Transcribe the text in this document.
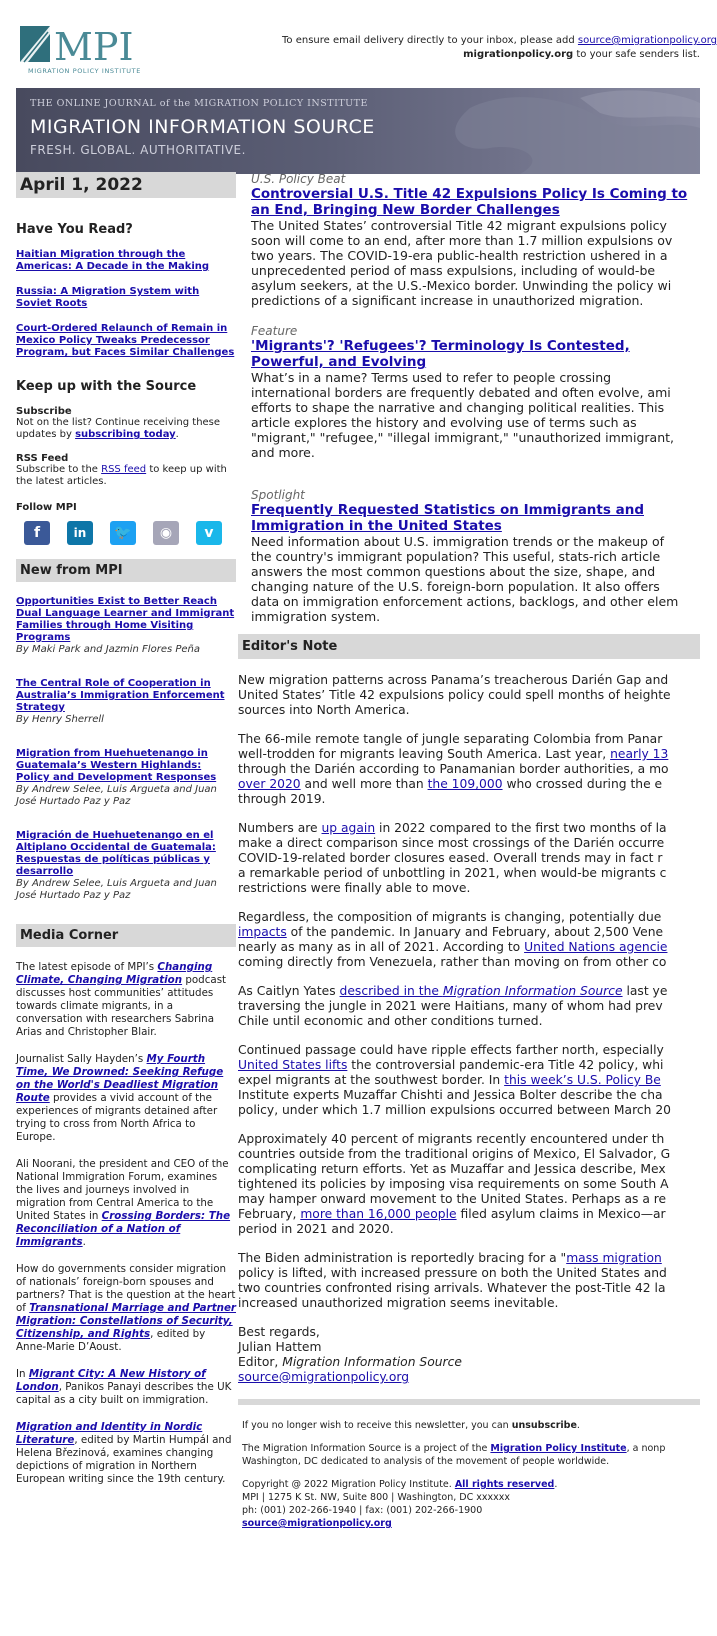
MPI
MIGRATION POLICY INSTITUTE
To ensure email delivery directly to your inbox, please add source@migrationpolicy.org
migrationpolicy.org to your safe senders list.
THE ONLINE JOURNAL of the MIGRATION POLICY INSTITUTE
MIGRATION INFORMATION SOURCE
FRESH. GLOBAL. AUTHORITATIVE.
April 1, 2022
Have You Read?
Haitian Migration through the Americas: A Decade in the Making
Russia: A Migration System with Soviet Roots
Court-Ordered Relaunch of Remain in Mexico Policy Tweaks Predecessor Program, but Faces Similar Challenges
Keep up with the Source

Subscribe

Not on the list? Continue receiving these updates by subscribing today.

RSS Feed

Subscribe to the RSS feed to keep up with the latest articles.

Follow MPI

f	in	🐦	◉	v
New from MPI
Opportunities Exist to Better Reach Dual Language Learner and Immigrant Families through Home Visiting Programs
By Maki Park and Jazmin Flores Peña
The Central Role of Cooperation in Australia’s Immigration Enforcement Strategy
By Henry Sherrell
Migration from Huehuetenango in Guatemala’s Western Highlands: Policy and Development Responses
By Andrew Selee, Luis Argueta and Juan José Hurtado Paz y Paz
Migración de Huehuetenango en el Altiplano Occidental de Guatemala: Respuestas de políticas públicas y desarrollo
By Andrew Selee, Luis Argueta and Juan José Hurtado Paz y Paz
Media Corner

The latest episode of MPI’s Changing Climate, Changing Migration podcast discusses host communities’ attitudes towards climate migrants, in a conversation with researchers Sabrina Arias and Christopher Blair.

Journalist Sally Hayden’s My Fourth Time, We Drowned: Seeking Refuge on the World's Deadliest Migration Route provides a vivid account of the experiences of migrants detained after trying to cross from North Africa to Europe.

Ali Noorani, the president and CEO of the National Immigration Forum, examines the lives and journeys involved in migration from Central America to the United States in Crossing Borders: The Reconciliation of a Nation of Immigrants.

How do governments consider migration of nationals’ foreign-born spouses and partners? That is the question at the heart of Transnational Marriage and Partner Migration: Constellations of Security, Citizenship, and Rights, edited by Anne-Marie D’Aoust.

In Migrant City: A New History of London, Panikos Panayi describes the UK capital as a city built on immigration.

Migration and Identity in Nordic Literature, edited by Martin Humpál and Helena Březinová, examines changing depictions of migration in Northern European writing since the 19th century.

U.S. Policy Beat

Controversial U.S. Title 42 Expulsions Policy Is Coming to an End, Bringing New Border Challenges
The United States’ controversial Title 42 migrant expulsions policy
soon will come to an end, after more than 1.7 million expulsions ov
two years. The COVID-19-era public-health restriction ushered in a
unprecedented period of mass expulsions, including of would-be
asylum seekers, at the U.S.-Mexico border. Unwinding the policy wi
predictions of a significant increase in unauthorized migration.

Feature

'Migrants'? 'Refugees'? Terminology Is Contested, Powerful, and Evolving
What’s in a name? Terms used to refer to people crossing
international borders are frequently debated and often evolve, ami
efforts to shape the narrative and changing political realities. This
article explores the history and evolving use of terms such as
"migrant," "refugee," "illegal immigrant," "unauthorized immigrant,
and more.

Spotlight

Frequently Requested Statistics on Immigrants and Immigration in the United States
Need information about U.S. immigration trends or the makeup of
the country's immigrant population? This useful, stats-rich article
answers the most common questions about the size, shape, and
changing nature of the U.S. foreign-born population. It also offers
data on immigration enforcement actions, backlogs, and other elem
immigration system.
Editor's Note

New migration patterns across Panama’s treacherous Darién Gap and
United States’ Title 42 expulsions policy could spell months of heighte
sources into North America.

The 66-mile remote tangle of jungle separating Colombia from Panar
well-trodden for migrants leaving South America. Last year, nearly 13
through the Darién according to Panamanian border authorities, a mo
over 2020 and well more than the 109,000 who crossed during the e
through 2019.

Numbers are up again in 2022 compared to the first two months of la
make a direct comparison since most crossings of the Darién occurre
COVID-19-related border closures eased. Overall trends may in fact r
a remarkable period of unbottling in 2021, when would-be migrants c
restrictions were finally able to move.

Regardless, the composition of migrants is changing, potentially due
impacts of the pandemic. In January and February, about 2,500 Vene
nearly as many as in all of 2021. According to United Nations agencie
coming directly from Venezuela, rather than moving on from other co

As Caitlyn Yates described in the Migration Information Source last ye
traversing the jungle in 2021 were Haitians, many of whom had prev
Chile until economic and other conditions turned.

Continued passage could have ripple effects farther north, especially
United States lifts the controversial pandemic-era Title 42 policy, whi
expel migrants at the southwest border. In this week’s U.S. Policy Be
Institute experts Muzaffar Chishti and Jessica Bolter describe the cha
policy, under which 1.7 million expulsions occurred between March 20

Approximately 40 percent of migrants recently encountered under th
countries outside from the traditional origins of Mexico, El Salvador, G
complicating return efforts. Yet as Muzaffar and Jessica describe, Mex
tightened its policies by imposing visa requirements on some South A
may hamper onward movement to the United States. Perhaps as a re
February, more than 16,000 people filed asylum claims in Mexico—ar
period in 2021 and 2020.

The Biden administration is reportedly bracing for a "mass migration
policy is lifted, with increased pressure on both the United States and
two countries confronted rising arrivals. Whatever the post-Title 42 la
increased unauthorized migration seems inevitable.

Best regards,
Julian Hattem
Editor, Migration Information Source
source@migrationpolicy.org

If you no longer wish to receive this newsletter, you can unsubscribe.

The Migration Information Source is a project of the Migration Policy Institute, a nonp
Washington, DC dedicated to analysis of the movement of people worldwide.

Copyright @ 2022 Migration Policy Institute. All rights reserved.
MPI | 1275 K St. NW, Suite 800 | Washington, DC xxxxxx
ph: (001) 202-266-1940 | fax: (001) 202-266-1900
source@migrationpolicy.org
